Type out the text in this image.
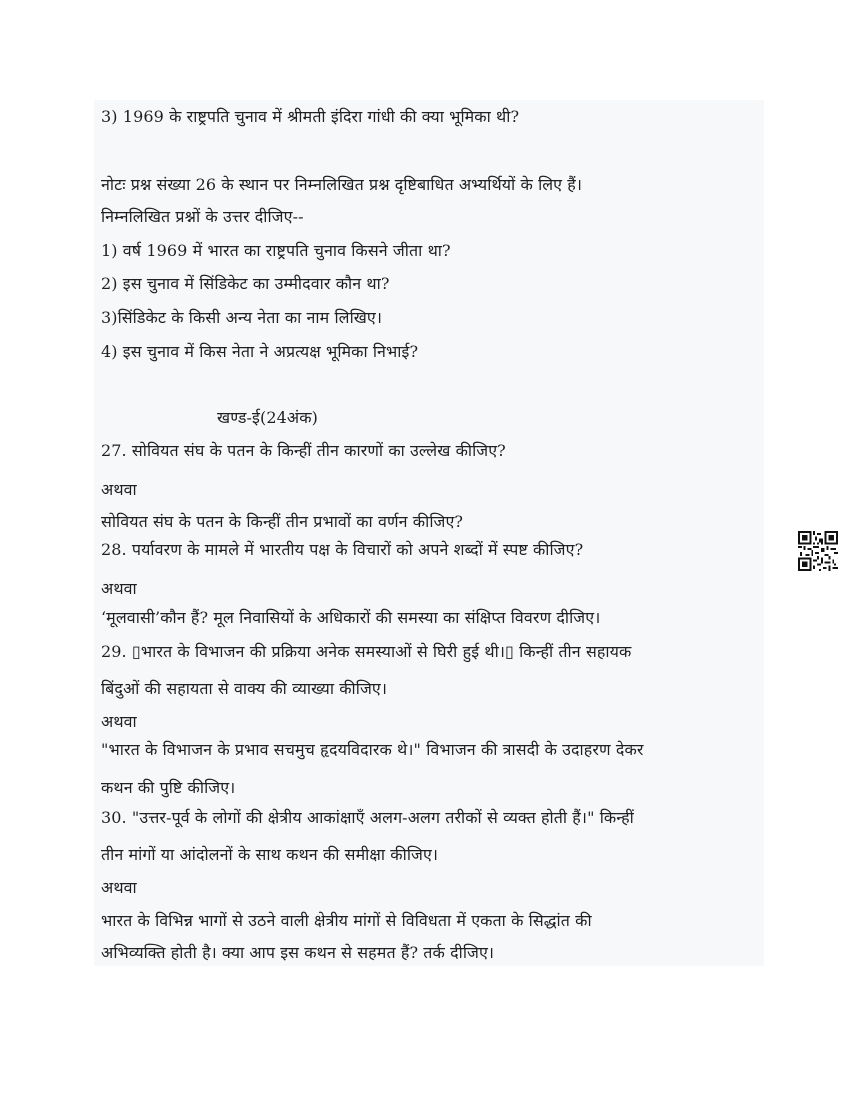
3) 1969 के राष्ट्रपति चुनाव में श्रीमती इंदिरा गांधी की क्या भूमिका थी?
नोटः प्रश्न संख्या 26 के स्थान पर निम्नलिखित प्रश्न दृष्टिबाधित अभ्यर्थियों के लिए हैं।
निम्नलिखित प्रश्नों के उत्तर दीजिए--
1) वर्ष 1969 में भारत का राष्ट्रपति चुनाव किसने जीता था?
2) इस चुनाव में सिंडिकेट का उम्मीदवार कौन था?
3)सिंडिकेट के किसी अन्य नेता का नाम लिखिए।
4) इस चुनाव में किस नेता ने अप्रत्यक्ष भूमिका निभाई?
खण्ड-ई(24अंक)
27. सोवियत संघ के पतन के किन्हीं तीन कारणों का उल्लेख कीजिए?
अथवा
सोवियत संघ के पतन के किन्हीं तीन प्रभावों का वर्णन कीजिए?
28. पर्यावरण के मामले में भारतीय पक्ष के विचारों को अपने शब्दों में स्पष्ट कीजिए?
अथवा
‘मूलवासी’कौन हैं? मूल निवासियों के अधिकारों की समस्या का संक्षिप्त विवरण दीजिए।
29. ▯भारत के विभाजन की प्रक्रिया अनेक समस्याओं से घिरी हुई थी।▯ किन्हीं तीन सहायक
बिंदुओं की सहायता से वाक्य की व्याख्या कीजिए।
अथवा
"भारत के विभाजन के प्रभाव सचमुच हृदयविदारक थे।" विभाजन की त्रासदी के उदाहरण देकर
कथन की पुष्टि कीजिए।
30. "उत्तर-पूर्व के लोगों की क्षेत्रीय आकांक्षाएँ अलग-अलग तरीकों से व्यक्त होती हैं।" किन्हीं
तीन मांगों या आंदोलनों के साथ कथन की समीक्षा कीजिए।
अथवा
भारत के विभिन्न भागों से उठने वाली क्षेत्रीय मांगों से विविधता में एकता के सिद्धांत की
अभिव्यक्ति होती है। क्या आप इस कथन से सहमत हैं? तर्क दीजिए।
